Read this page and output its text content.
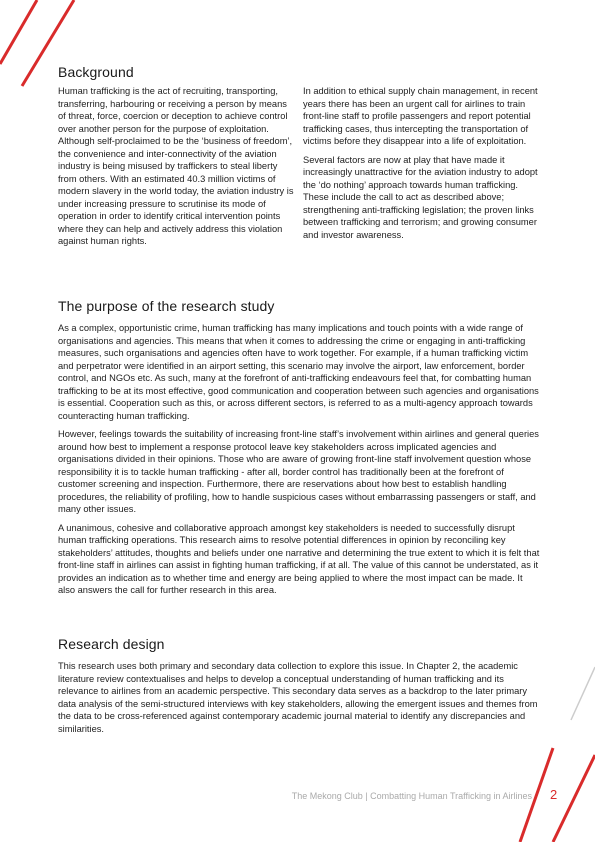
Background

Human trafficking is the act of recruiting, transporting, transferring, harbouring or receiving a person by means of threat, force, coercion or deception to achieve control over another person for the purpose of exploitation. Although self-proclaimed to be the ‘business of freedom’, the convenience and inter-connectivity of the aviation industry is being misused by traffickers to steal liberty from others. With an estimated 40.3 million victims of modern slavery in the world today, the aviation industry is under increasing pressure to scrutinise its mode of operation in order to identify critical intervention points where they can help and actively address this violation against human rights.

In addition to ethical supply chain management, in recent years there has been an urgent call for airlines to train front-line staff to profile passengers and report potential trafficking cases, thus intercepting the transportation of victims before they disappear into a life of exploitation.

Several factors are now at play that have made it increasingly unattractive for the aviation industry to adopt the ‘do nothing’ approach towards human trafficking. These include the call to act as described above; strengthening anti-trafficking legislation; the proven links between trafficking and terrorism; and growing consumer and investor awareness.

The purpose of the research study

As a complex, opportunistic crime, human trafficking has many implications and touch points with a wide range of organisations and agencies. This means that when it comes to addressing the crime or engaging in anti-trafficking measures, such organisations and agencies often have to work together. For example, if a human trafficking victim and perpetrator were identified in an airport setting, this scenario may involve the airport, law enforcement, border control, and NGOs etc. As such, many at the forefront of anti-trafficking endeavours feel that, for combatting human trafficking to be at its most effective, good communication and cooperation between such agencies and organisations is essential. Cooperation such as this, or across different sectors, is referred to as a multi-agency approach towards counteracting human trafficking.

However, feelings towards the suitability of increasing front-line staff’s involvement within airlines and general queries around how best to implement a response protocol leave key stakeholders across implicated agencies and organisations divided in their opinions. Those who are aware of growing front-line staff involvement question whose responsibility it is to tackle human trafficking - after all, border control has traditionally been at the forefront of customer screening and inspection. Furthermore, there are reservations about how best to establish handling procedures, the reliability of profiling, how to handle suspicious cases without embarrassing passengers or staff, and many other issues.

A unanimous, cohesive and collaborative approach amongst key stakeholders is needed to successfully disrupt human trafficking operations. This research aims to resolve potential differences in opinion by reconciling key stakeholders’ attitudes, thoughts and beliefs under one narrative and determining the true extent to which it is felt that front-line staff in airlines can assist in fighting human trafficking, if at all. The value of this cannot be understated, as it provides an indication as to whether time and energy are being applied to where the most impact can be made. It also answers the call for further research in this area.

Research design

This research uses both primary and secondary data collection to explore this issue. In Chapter 2, the academic literature review contextualises and helps to develop a conceptual understanding of human trafficking and its relevance to airlines from an academic perspective. This secondary data serves as a backdrop to the later primary data analysis of the semi-structured interviews with key stakeholders, allowing the emergent issues and themes from the data to be cross-referenced against contemporary academic journal material to identify any discrepancies and similarities.

The Mekong Club | Combatting Human Trafficking in Airlines 2
